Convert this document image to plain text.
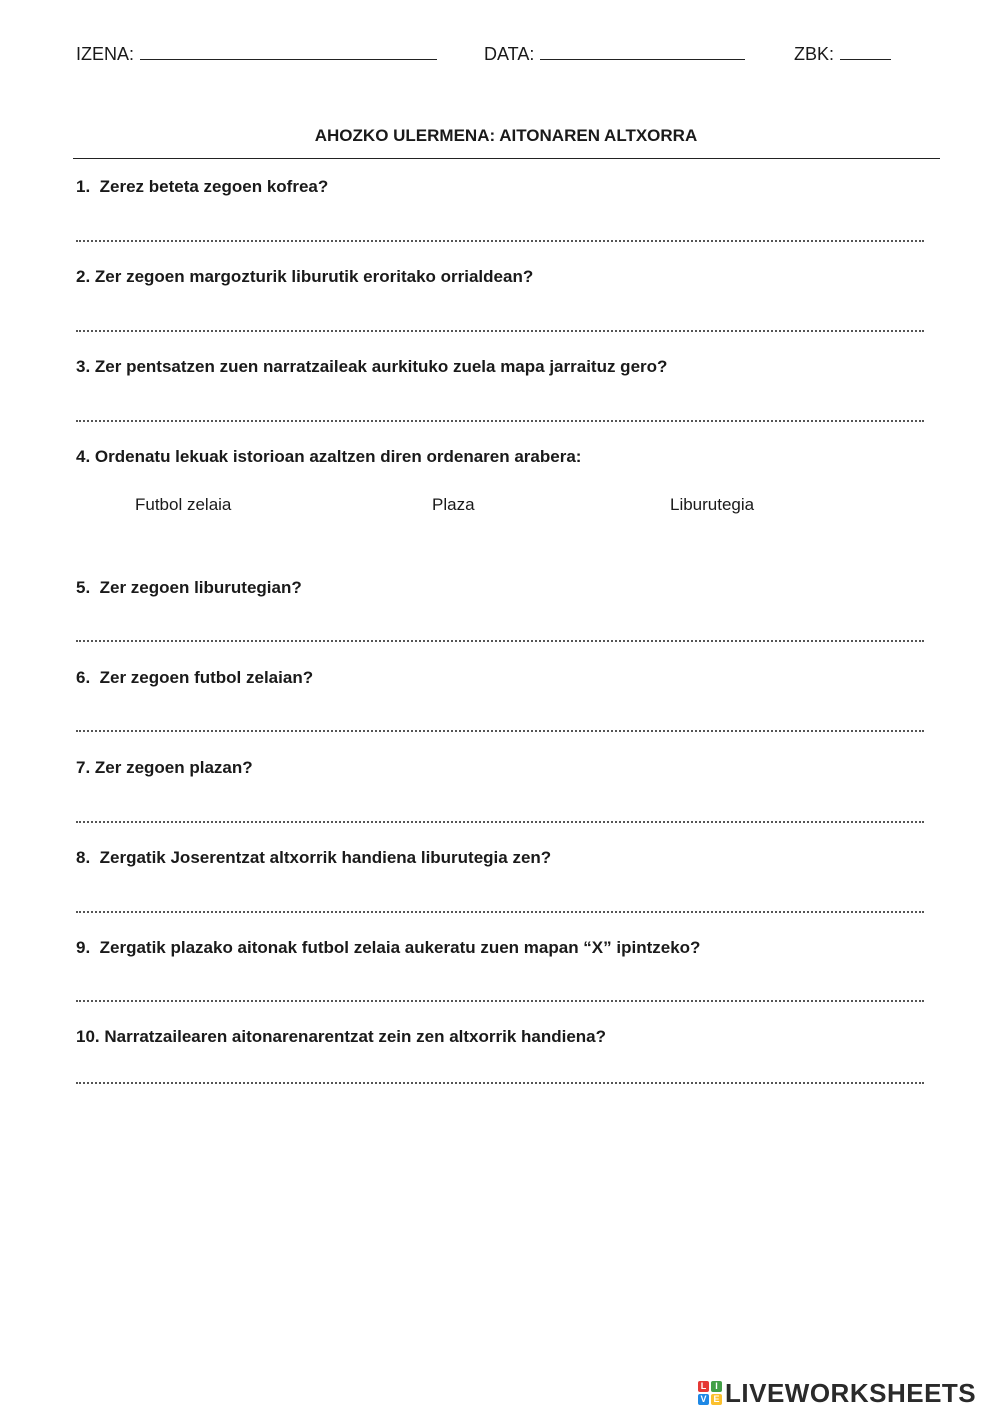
IZENA:	DATA:	ZBK:
AHOZKO ULERMENA: AITONAREN ALTXORRA
1.  Zerez beteta zegoen kofrea?
2. Zer zegoen margozturik liburutik eroritako orrialdean?
3. Zer pentsatzen zuen narratzaileak aurkituko zuela mapa jarraituz gero?
4. Ordenatu lekuak istorioan azaltzen diren ordenaren arabera:
Futbol zelaia	Plaza	Liburutegia
5.  Zer zegoen liburutegian?
6.  Zer zegoen futbol zelaian?
7. Zer zegoen plazan?
8.  Zergatik Joserentzat altxorrik handiena liburutegia zen?
9.  Zergatik plazako aitonak futbol zelaia aukeratu zuen mapan “X” ipintzeko?
10. Narratzailearen aitonarenarentzat zein zen altxorrik handiena?
L I
V E LIVEWORKSHEETS
